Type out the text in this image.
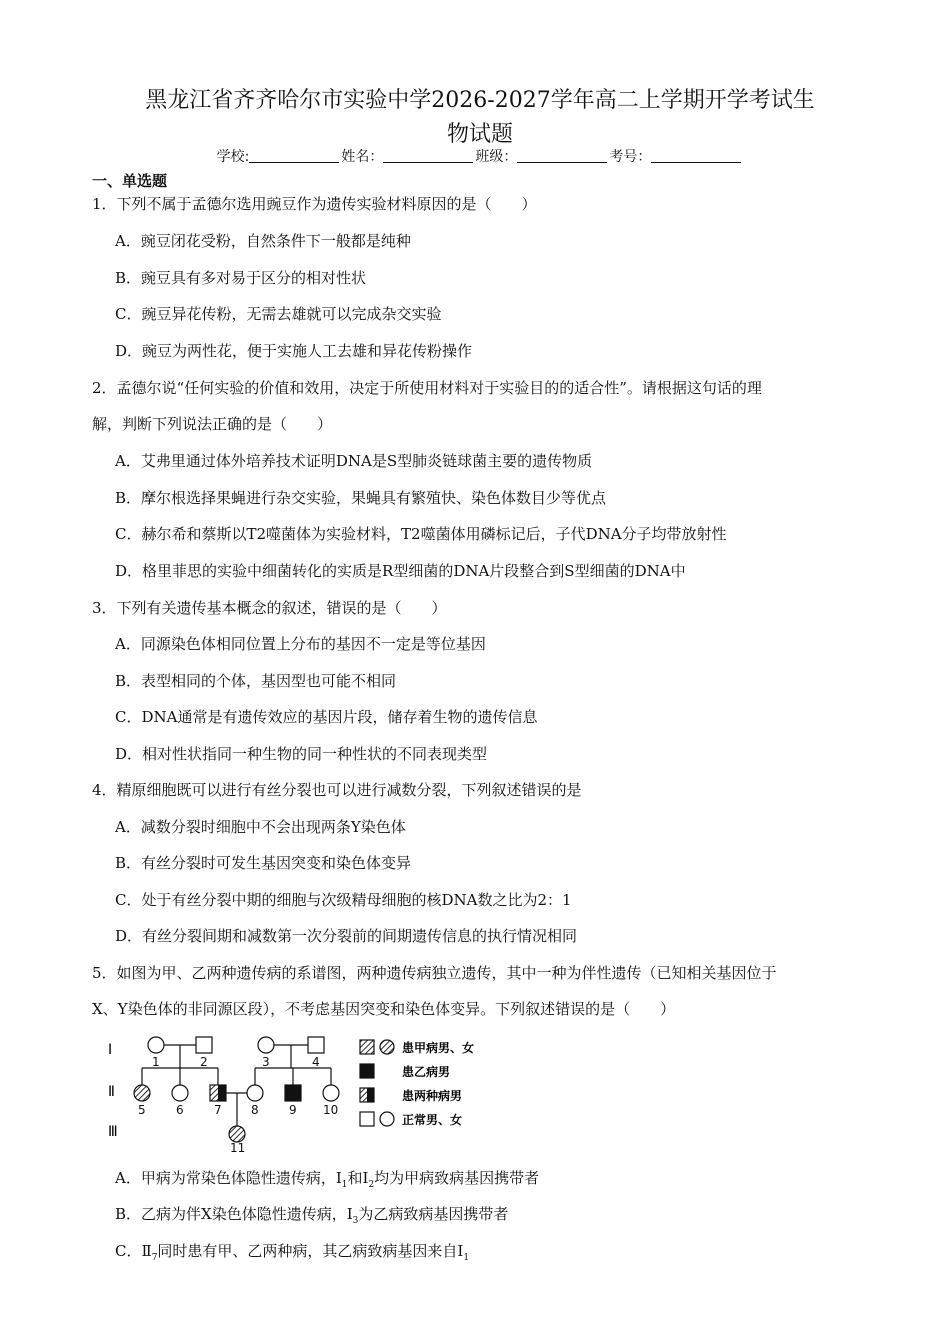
黑龙江省齐齐哈尔市实验中学2026-2027学年高二上学期开学考试生
物试题
学校:	姓名：	班级：	考号：
一、单选题
1．下列不属于孟德尔选用豌豆作为遗传实验材料原因的是（　　）
A．豌豆闭花受粉，自然条件下一般都是纯种
B．豌豆具有多对易于区分的相对性状
C．豌豆异花传粉，无需去雄就可以完成杂交实验
D．豌豆为两性花，便于实施人工去雄和异花传粉操作
2．孟德尔说“任何实验的价值和效用，决定于所使用材料对于实验目的的适合性”。请根据这句话的理
解，判断下列说法正确的是（　　）
A．艾弗里通过体外培养技术证明DNA是S型肺炎链球菌主要的遗传物质
B．摩尔根选择果蝇进行杂交实验，果蝇具有繁殖快、染色体数目少等优点
C．赫尔希和蔡斯以T2噬菌体为实验材料，T2噬菌体用磷标记后，子代DNA分子均带放射性
D．格里菲思的实验中细菌转化的实质是R型细菌的DNA片段整合到S型细菌的DNA中
3．下列有关遗传基本概念的叙述，错误的是（　　）
A．同源染色体相同位置上分布的基因不一定是等位基因
B．表型相同的个体，基因型也可能不相同
C．DNA通常是有遗传效应的基因片段，储存着生物的遗传信息
D．相对性状指同一种生物的同一种性状的不同表现类型
4．精原细胞既可以进行有丝分裂也可以进行减数分裂，下列叙述错误的是
A．减数分裂时细胞中不会出现两条Y染色体
B．有丝分裂时可发生基因突变和染色体变异
C．处于有丝分裂中期的细胞与次级精母细胞的核DNA数之比为2：1
D．有丝分裂间期和减数第一次分裂前的间期遗传信息的执行情况相同
5．如图为甲、乙两种遗传病的系谱图，两种遗传病独立遗传，其中一种为伴性遗传（已知相关基因位于
X、Y染色体的非同源区段），不考虑基因突变和染色体变异。下列叙述错误的是（　　）
Ⅰ
Ⅱ
Ⅲ
1	2	3	4
5	6	7 8	9 10
11
患甲病男、女
患乙病男
患两种病男
正常男、女
A．甲病为常染色体隐性遗传病，$Ⅰ_1$和$Ⅰ_2$均为甲病致病基因携带者
B．乙病为伴X染色体隐性遗传病，$Ⅰ_3$为乙病致病基因携带者
C．$Ⅱ_7$同时患有甲、乙两种病，其乙病致病基因来自$Ⅰ_1$
